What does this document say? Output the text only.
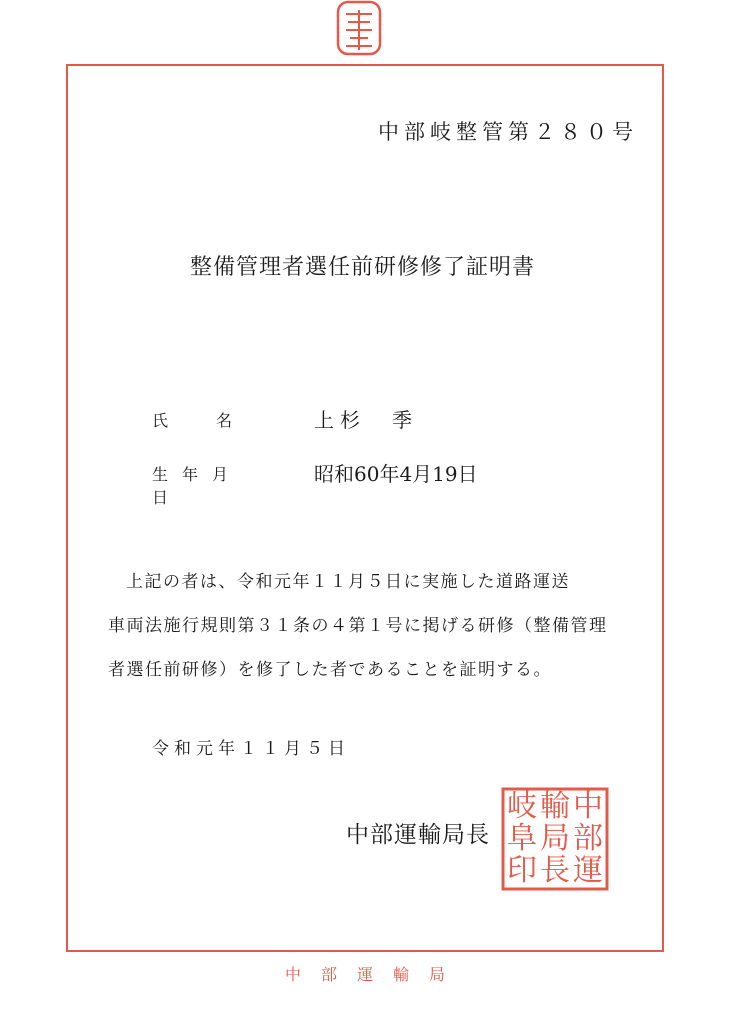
中部岐整管第２８０号
整備管理者選任前研修修了証明書
氏　　　名	上杉　季
生年月日
昭和60年4月19日
上記の者は、令和元年１１月５日に実施した道路運送
車両法施行規則第３１条の４第１号に掲げる研修（整備管理
者選任前研修）を修了した者であることを証明する。
令和元年１１月５日
中部運輸局長
中
部
運
輸
局
長
岐
阜
印
中部運輸局
